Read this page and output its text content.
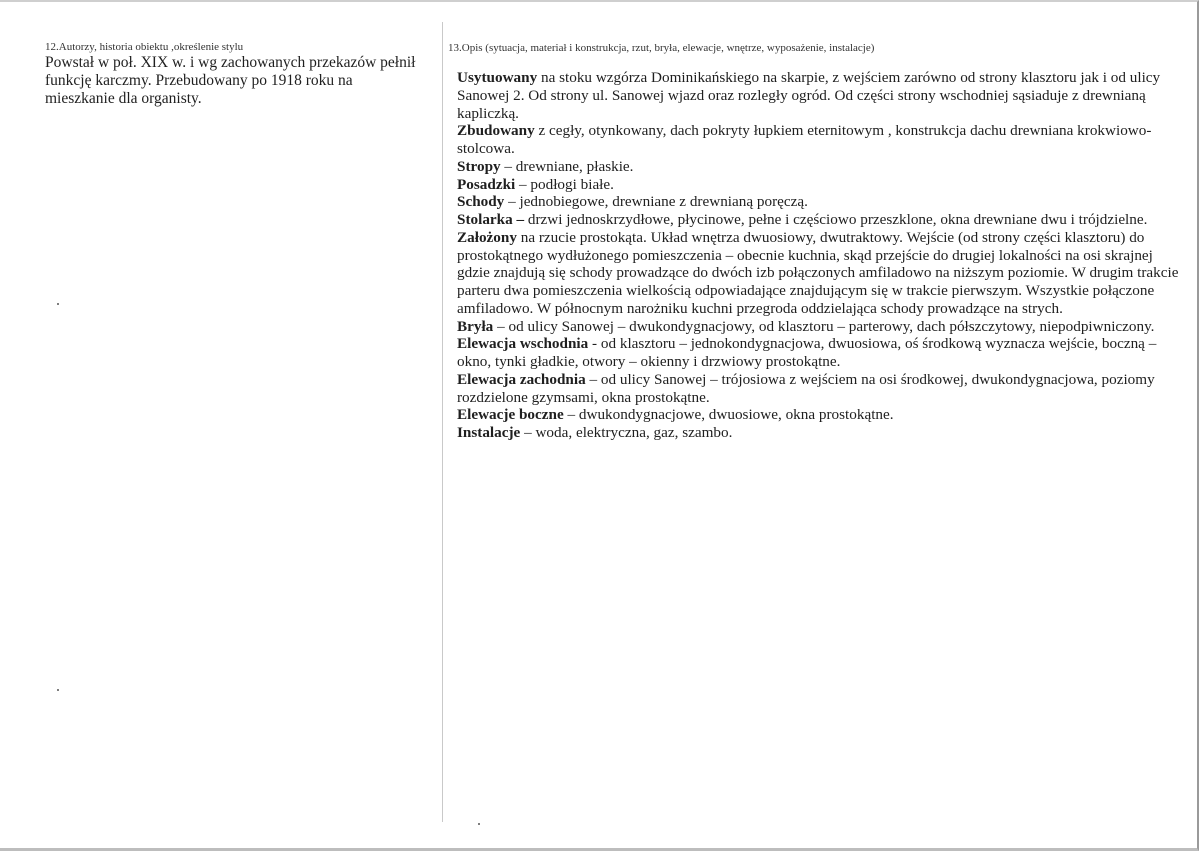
12.Autorzy, historia obiektu ,określenie stylu

Powstał w poł. XIX w. i wg zachowanych przekazów pełnił funkcję karczmy. Przebudowany po 1918 roku na mieszkanie dla organisty.

13.Opis (sytuacja, materiał i konstrukcja, rzut, bryła, elewacje, wnętrze, wyposażenie, instalacje)

Usytuowany na stoku wzgórza Dominikańskiego na skarpie, z wejściem zarówno od strony klasztoru jak i od ulicy Sanowej 2. Od strony ul. Sanowej wjazd oraz rozległy ogród. Od części strony wschodniej sąsiaduje z drewnianą kapliczką.

Zbudowany z cegły, otynkowany, dach pokryty łupkiem eternitowym , konstrukcja dachu drewniana krokwiowo-stolcowa.

Stropy – drewniane, płaskie.

Posadzki – podłogi białe.

Schody – jednobiegowe, drewniane z drewnianą poręczą.

Stolarka – drzwi jednoskrzydłowe, płycinowe, pełne i częściowo przeszklone, okna drewniane dwu i trójdzielne.

Założony na rzucie prostokąta. Układ wnętrza dwuosiowy, dwutraktowy. Wejście (od strony części klasztoru) do prostokątnego wydłużonego pomieszczenia – obecnie kuchnia, skąd przejście do drugiej lokalności na osi skrajnej gdzie znajdują się schody prowadzące do dwóch izb połączonych amfiladowo na niższym poziomie. W drugim trakcie parteru dwa pomieszczenia wielkością odpowiadające znajdującym się w trakcie pierwszym. Wszystkie połączone amfiladowo. W północnym narożniku kuchni przegroda oddzielająca schody prowadzące na strych.

Bryła – od ulicy Sanowej – dwukondygnacjowy, od klasztoru – parterowy, dach półszczytowy, niepodpiwniczony.

Elewacja wschodnia - od klasztoru – jednokondygnacjowa, dwuosiowa, oś środkową wyznacza wejście, boczną – okno, tynki gładkie, otwory – okienny i drzwiowy prostokątne.

Elewacja zachodnia – od ulicy Sanowej – trójosiowa z wejściem na osi środkowej, dwukondygnacjowa, poziomy rozdzielone gzymsami, okna prostokątne.

Elewacje boczne – dwukondygnacjowe, dwuosiowe, okna prostokątne.

Instalacje – woda, elektryczna, gaz, szambo.
